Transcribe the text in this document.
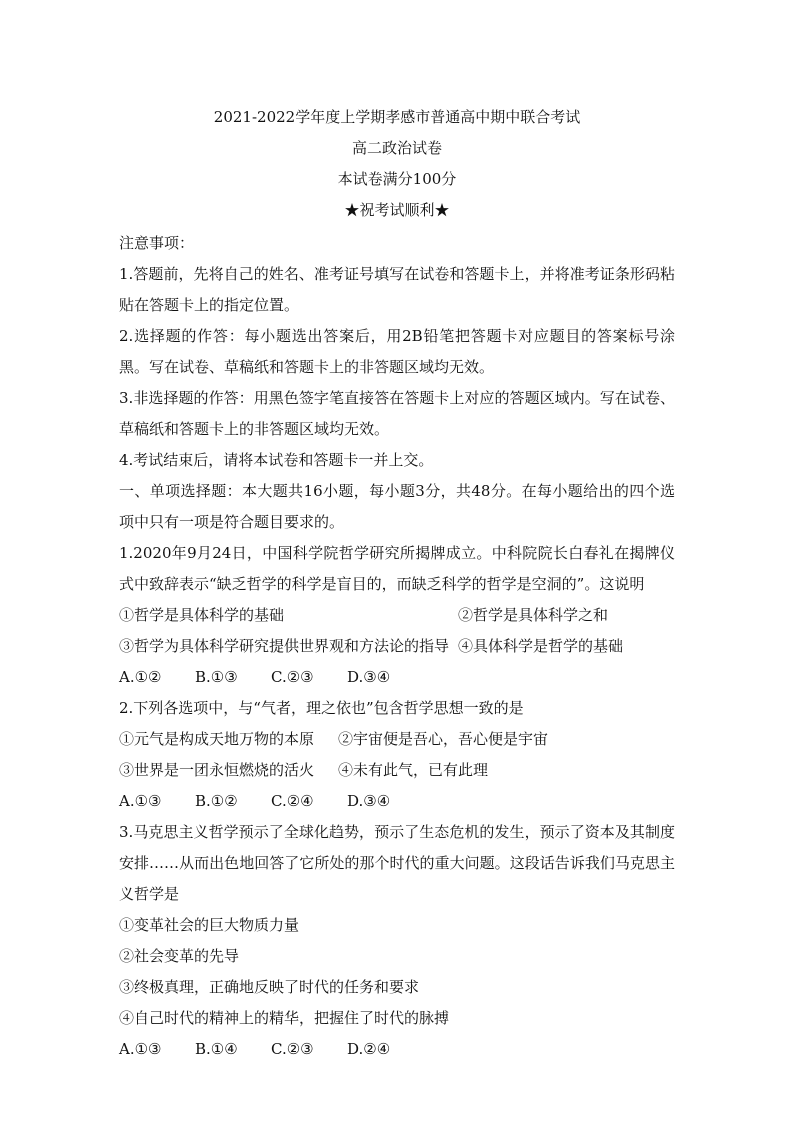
2021-2022学年度上学期孝感市普通高中期中联合考试
高二政治试卷
本试卷满分100分
★祝考试顺利★
注意事项：
1.答题前，先将自己的姓名、准考证号填写在试卷和答题卡上，并将准考证条形码粘贴在答题卡上的指定位置。
2.选择题的作答：每小题选出答案后，用2B铅笔把答题卡对应题目的答案标号涂黑。写在试卷、草稿纸和答题卡上的非答题区域均无效。
3.非选择题的作答：用黑色签字笔直接答在答题卡上对应的答题区域内。写在试卷、草稿纸和答题卡上的非答题区域均无效。
4.考试结束后，请将本试卷和答题卡一并上交。
一、单项选择题：本大题共16小题，每小题3分，共48分。在每小题给出的四个选项中只有一项是符合题目要求的。
1.2020年9月24日，中国科学院哲学研究所揭牌成立。中科院院长白春礼在揭牌仪式中致辞表示“缺乏哲学的科学是盲目的，而缺乏科学的哲学是空洞的”。这说明
①哲学是具体科学的基础	②哲学是具体科学之和
③哲学为具体科学研究提供世界观和方法论的指导 ④具体科学是哲学的基础
A.①②	B.①③	C.②③	D.③④
2.下列各选项中，与“气者，理之依也”包含哲学思想一致的是
①元气是构成天地万物的本原	②宇宙便是吾心，吾心便是宇宙
③世界是一团永恒燃烧的活火	④未有此气，已有此理
A.①③	B.①②	C.②④	D.③④
3.马克思主义哲学预示了全球化趋势，预示了生态危机的发生，预示了资本及其制度安排……从而出色地回答了它所处的那个时代的重大问题。这段话告诉我们马克思主义哲学是
①变革社会的巨大物质力量
②社会变革的先导
③终极真理，正确地反映了时代的任务和要求
④自己时代的精神上的精华，把握住了时代的脉搏
A.①③	B.①④	C.②③	D.②④
